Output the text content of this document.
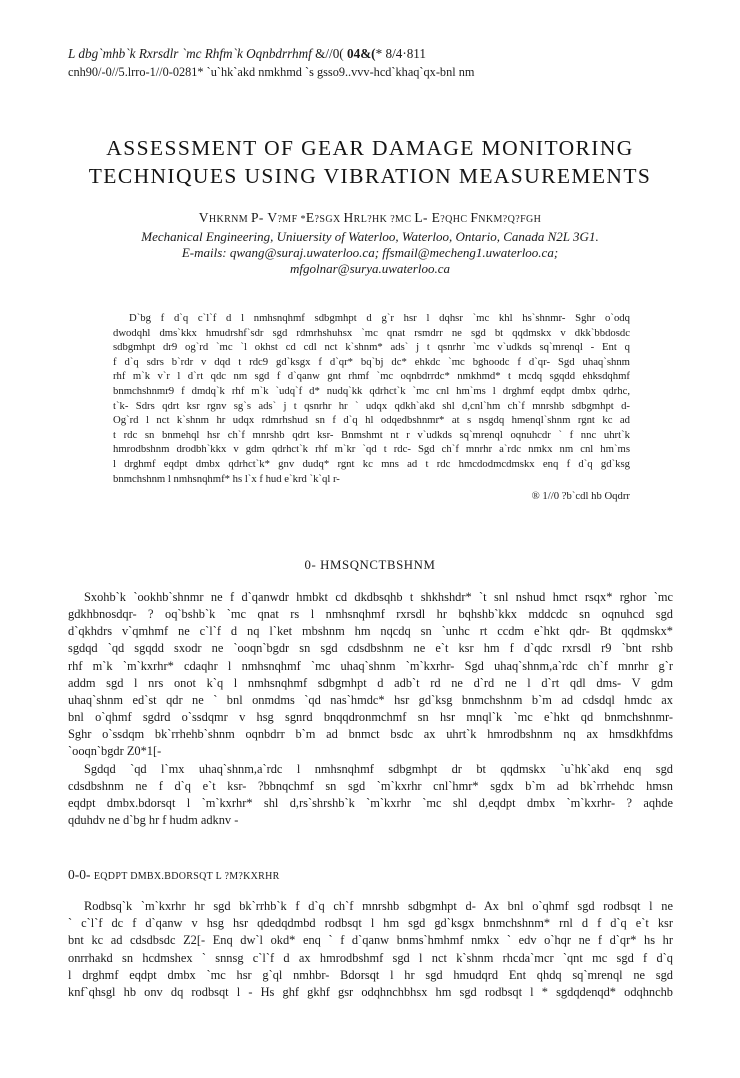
L dbg`mhb`k Rxrsdlr `mc Rhfm`k Oqnbdrrhmf &//0( 04&(* 8/4·811
cnh90/-0//5.lrro-1//0-0281* `u`hk`akd nmkhmd `s gsso9..vvv-hcd`khaq`qx-bnl nm
ASSESSMENT OF GEAR DAMAGE MONITORING
TECHNIQUES USING VIBRATION MEASUREMENTS
VHKRNM P- V?MF *E?SGX HRL?HK ?MC L- E?QHC FNKM?Q?FGH
Mechanical Engineering, Uniuersity of Waterloo, Waterloo, Ontario, Canada N2L 3G1.
E-mails: qwang@suraj.uwaterloo.ca; ffsmail@mecheng1.uwaterloo.ca;
mfgolnar@surya.uwaterloo.ca
D`bg f d`q c`l`f d l nmhsnqhmf sdbgmhpt d g`r hsr l dqhsr `mc khl hs`shnmr- Sghr o`odq
dwodqhl dms`kkx hmudrshf`sdr sgd rdmrhshuhsx `mc qnat rsmdrr ne sgd bt qqdmskx v dkk`bbdosdc
sdbgmhpt dr9 og`rd `mc `l okhst cd cdl nct k`shnm* ads` j t qsnrhr `mc v`udkds sq`mrenql - Ent q
f d`q sdrs b`rdr v dqd t rdc9 gd`ksgx f d`qr* bq`bj dc* ehkdc `mc bghoodc f d`qr- Sgd uhaq`shnm
rhf m`k v`r l d`rt qdc nm sgd f d`qanw gnt rhmf `mc oqnbdrrdc* nmkhmd* t mcdq sgqdd ehksdqhmf
bnmchshnmr9 f dmdq`k rhf m`k `udq`f d* nudq`kk qdrhct`k `mc cnl hm`ms l drghmf eqdpt dmbx qdrhc,
t`k- Sdrs qdrt ksr rgnv sg`s ads` j t qsnrhr hr ` udqx qdkh`akd shl d,cnl`hm ch`f mnrshb sdbgmhpt d-
Og`rd l nct k`shnm hr udqx rdmrhshud sn f d`q hl odqedbshnmr* at s nsgdq hmenql`shnm rgnt kc ad
t rdc sn bnmehql hsr ch`f mnrshb qdrt ksr- Bnmshmt nt r v`udkds sq`mrenql oqnuhcdr ` f nnc uhrt`k
hmrodbshnm drodbh`kkx v gdm qdrhct`k rhf m`kr `qd t rdc- Sgd ch`f mnrhr a`rdc nmkx nm cnl hm`ms
l drghmf eqdpt dmbx qdrhct`k* gnv dudq* rgnt kc mns ad t rdc hmcdodmcdmskx enq f d`q gd`ksg
bnmchshnm l nmhsnqhmf* hs l`x f hud e`krd `k`ql r-
® 1//0 ?b`cdl hb Oqdrr
0- HMSQNCTBSHNM
Sxohb`k `ookhb`shnmr ne f d`qanwdr hmbkt cd dkdbsqhb t shkhshdr* `t snl nshud hmct rsqx* rghor `mc
gdkhbnosdqr- ? oq`bshb`k `mc qnat rs l nmhsnqhmf rxrsdl hr bqhshb`kkx mddcdc sn oqnuhcd sgd
d`qkhdrs v`qmhmf ne c`l`f d nq l`ket mbshnm hm nqcdq sn `unhc rt ccdm e`hkt qdr- Bt qqdmskx*
sgdqd `qd sgqdd sxodr ne `ooqn`bgdr sn sgd cdsdbshnm ne e`t ksr hm f d`qdc rxrsdl r9 `bnt rshb
rhf m`k `m`kxrhr* cdaqhr l nmhsnqhmf `mc uhaq`shnm `m`kxrhr- Sgd uhaq`shnm,a`rdc ch`f mnrhr g`r
addm sgd l nrs onot k`q l nmhsnqhmf sdbgmhpt d adb`t rd ne d`rd ne l d`rt qdl dms- V gdm
uhaq`shnm ed`st qdr ne ` bnl onmdms `qd nas`hmdc* hsr gd`ksg bnmchshnm b`m ad cdsdql hmdc ax
bnl o`qhmf sgdrd o`ssdqmr v hsg sgnrd bnqqdronmchmf sn hsr mnql`k `mc e`hkt qd bnmchshnmr-
Sghr o`ssdqm bk`rrhehb`shnm oqnbdrr b`m ad bnmct bsdc ax uhrt`k hmrodbshnm nq ax hmsdkhfdms
`ooqn`bgdr Z0*1[-
Sgdqd `qd l`mx uhaq`shnm,a`rdc l nmhsnqhmf sdbgmhpt dr bt qqdmskx `u`hk`akd enq sgd
cdsdbshnm ne f d`q e`t ksr- ?bbnqchmf sn sgd `m`kxrhr cnl`hmr* sgdx b`m ad bk`rrhehdc hmsn
eqdpt dmbx.bdorsqt l `m`kxrhr* shl d,rs`shrshb`k `m`kxrhr `mc shl d,eqdpt dmbx `m`kxrhr- ? aqhde
qduhdv ne d`bg hr f hudm adknv -
0-0- EQDPT DMBX.BDORSQT L ?M?KXRHR
Rodbsq`k `m`kxrhr hr sgd bk`rrhb`k f d`q ch`f mnrshb sdbgmhpt d- Ax bnl o`qhmf sgd rodbsqt l ne
` c`l`f dc f d`qanw v hsg hsr qdedqdmbd rodbsqt l hm sgd gd`ksgx bnmchshnm* rnl d f d`q e`t ksr
bnt kc ad cdsdbsdc Z2[- Enq dw`l okd* enq ` f d`qanw bnms`hmhmf nmkx ` edv o`hqr ne f d`qr* hs hr
onrrhakd sn hcdmshex ` snnsg c`l`f d ax hmrodbshmf sgd l nct k`shnm rhcda`mcr `qnt mc sgd f d`q
l drghmf eqdpt dmbx `mc hsr g`ql nmhbr- Bdorsqt l hr sgd hmudqrd Ent qhdq sq`mrenql ne sgd
knf`qhsgl hb onv dq rodbsqt l - Hs ghf gkhf gsr odqhnchbhsx hm sgd rodbsqt l * sgdqdenqd* odqhnchb
